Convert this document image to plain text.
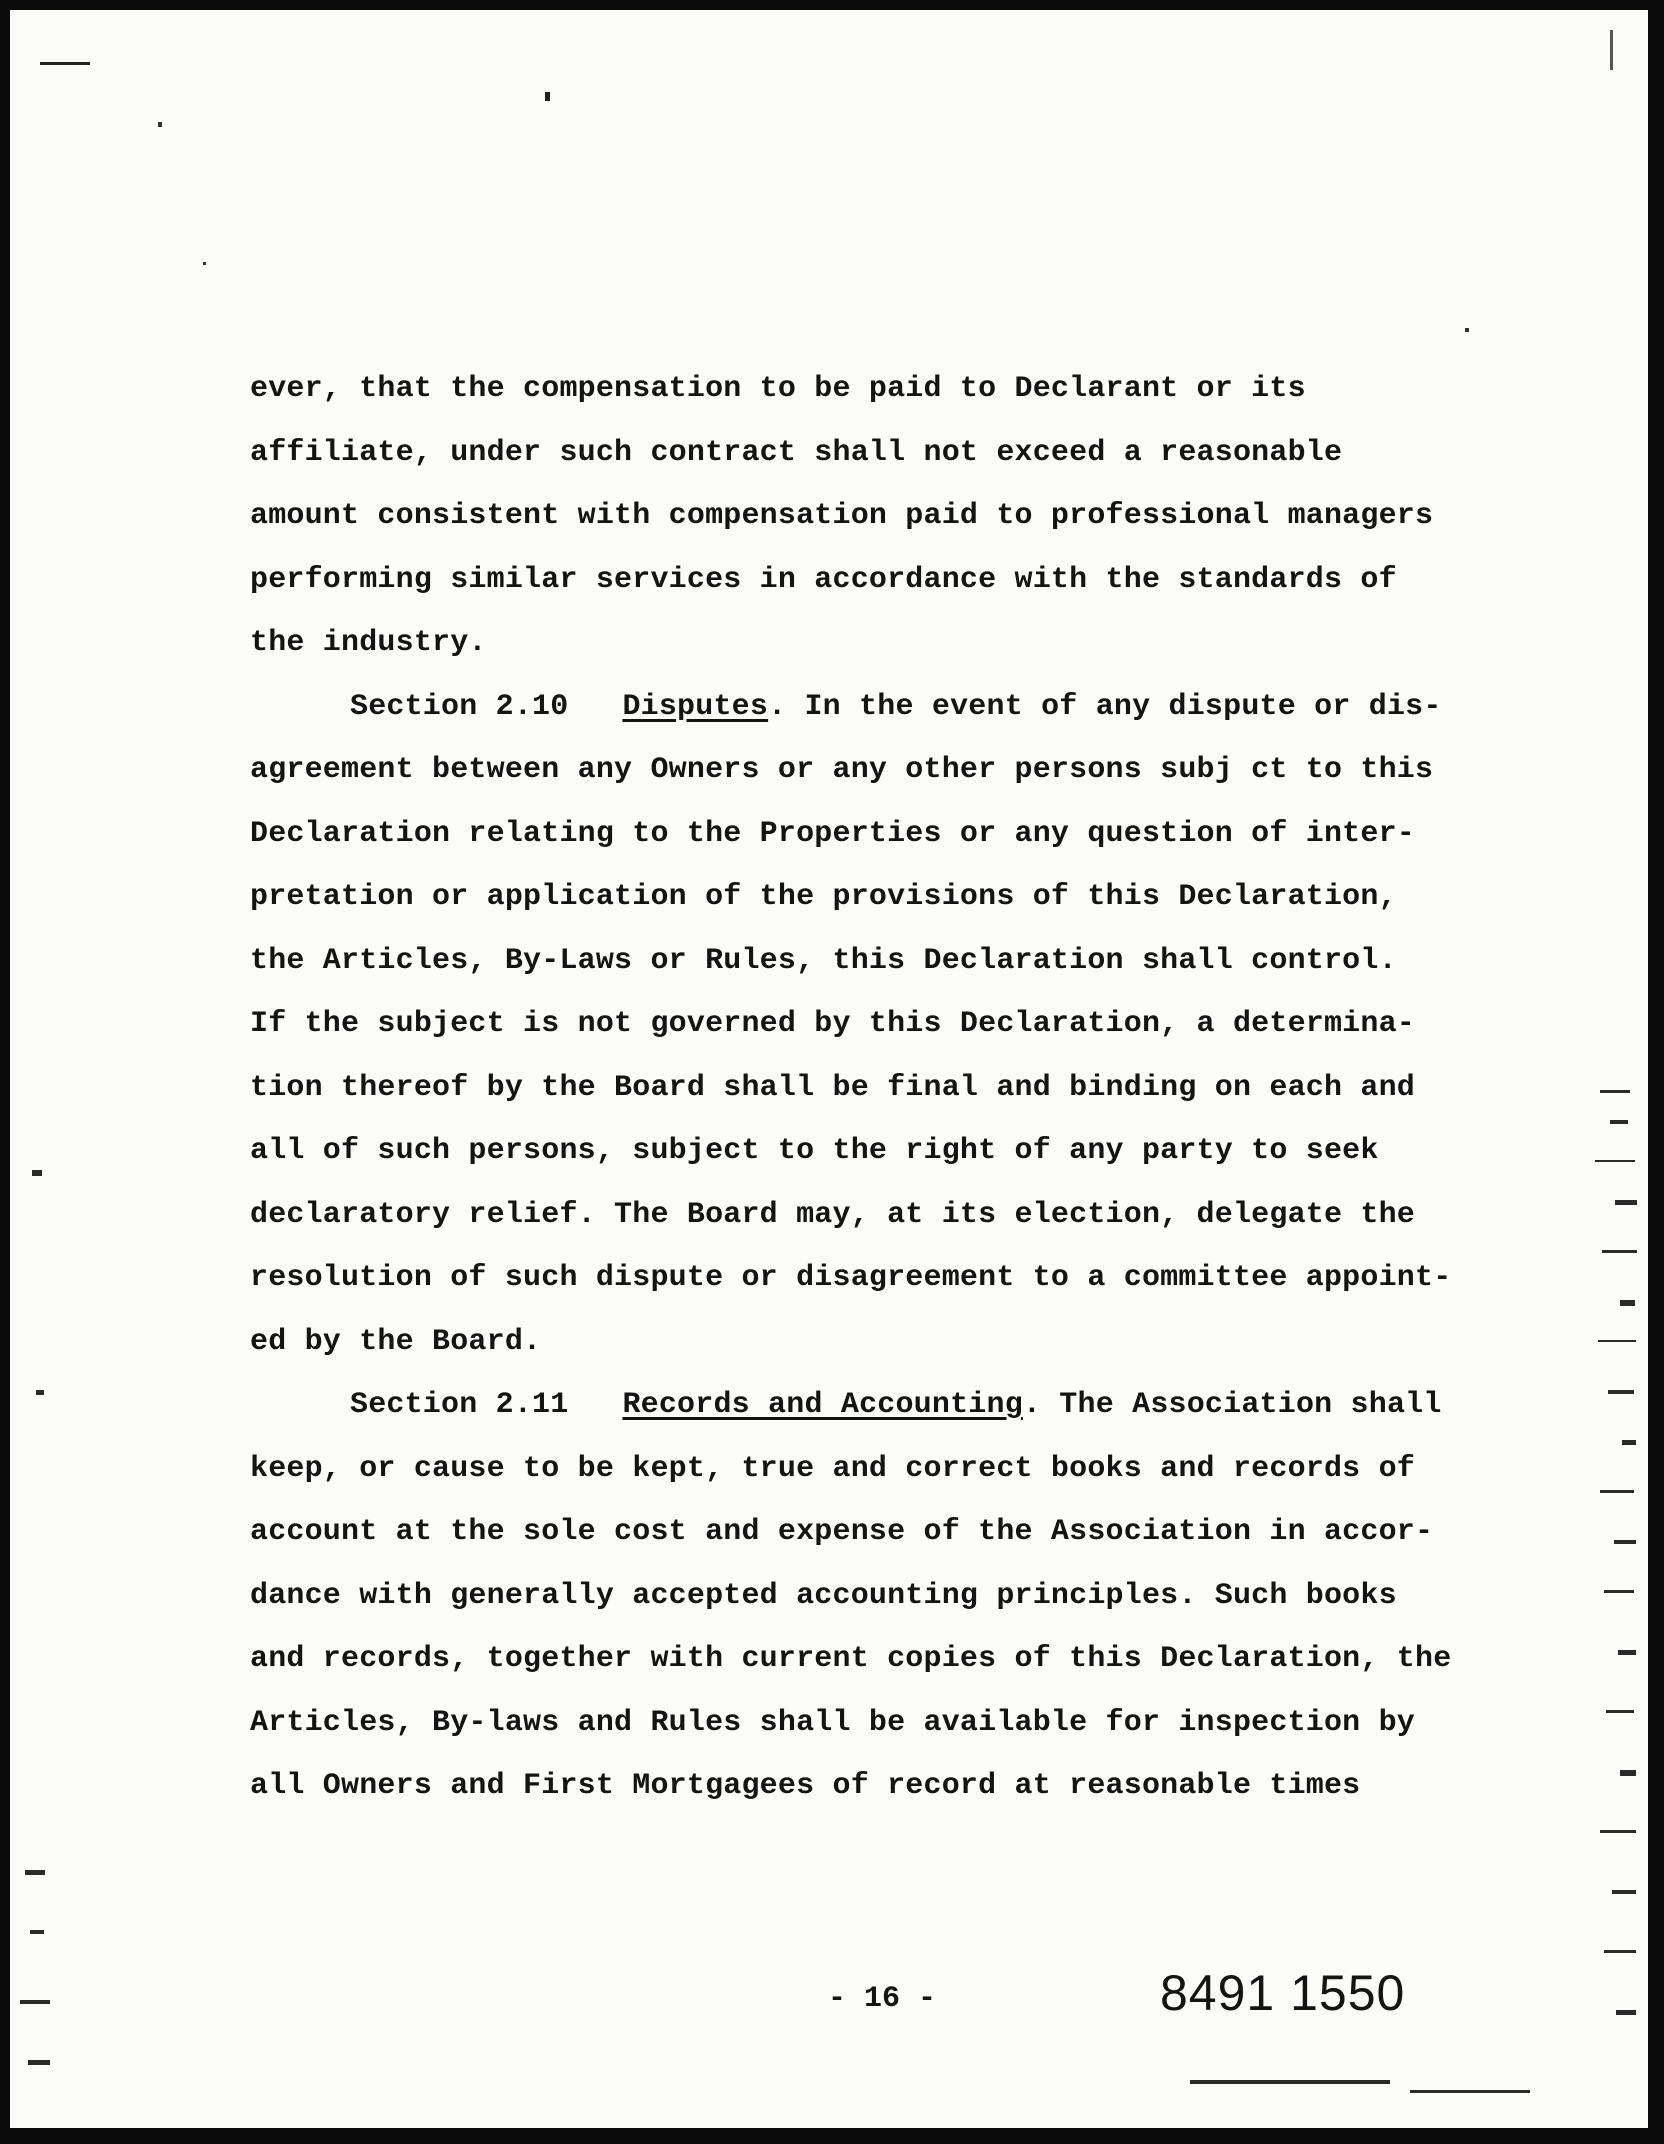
ever, that the compensation to be paid to Declarant or its
affiliate, under such contract shall not exceed a reasonable
amount consistent with compensation paid to professional managers
performing similar services in accordance with the standards of
the industry.
Section 2.10 Disputes. In the event of any dispute or dis-
agreement between any Owners or any other persons subj ct to this
Declaration relating to the Properties or any question of inter-
pretation or application of the provisions of this Declaration,
the Articles, By-Laws or Rules, this Declaration shall control.
If the subject is not governed by this Declaration, a determina-
tion thereof by the Board shall be final and binding on each and
all of such persons, subject to the right of any party to seek
declaratory relief. The Board may, at its election, delegate the
resolution of such dispute or disagreement to a committee appoint-
ed by the Board.
Section 2.11 Records and Accounting. The Association shall
keep, or cause to be kept, true and correct books and records of
account at the sole cost and expense of the Association in accor-
dance with generally accepted accounting principles. Such books
and records, together with current copies of this Declaration, the
Articles, By-laws and Rules shall be available for inspection by
all Owners and First Mortgagees of record at reasonable times
- 16 -	8491 1550
